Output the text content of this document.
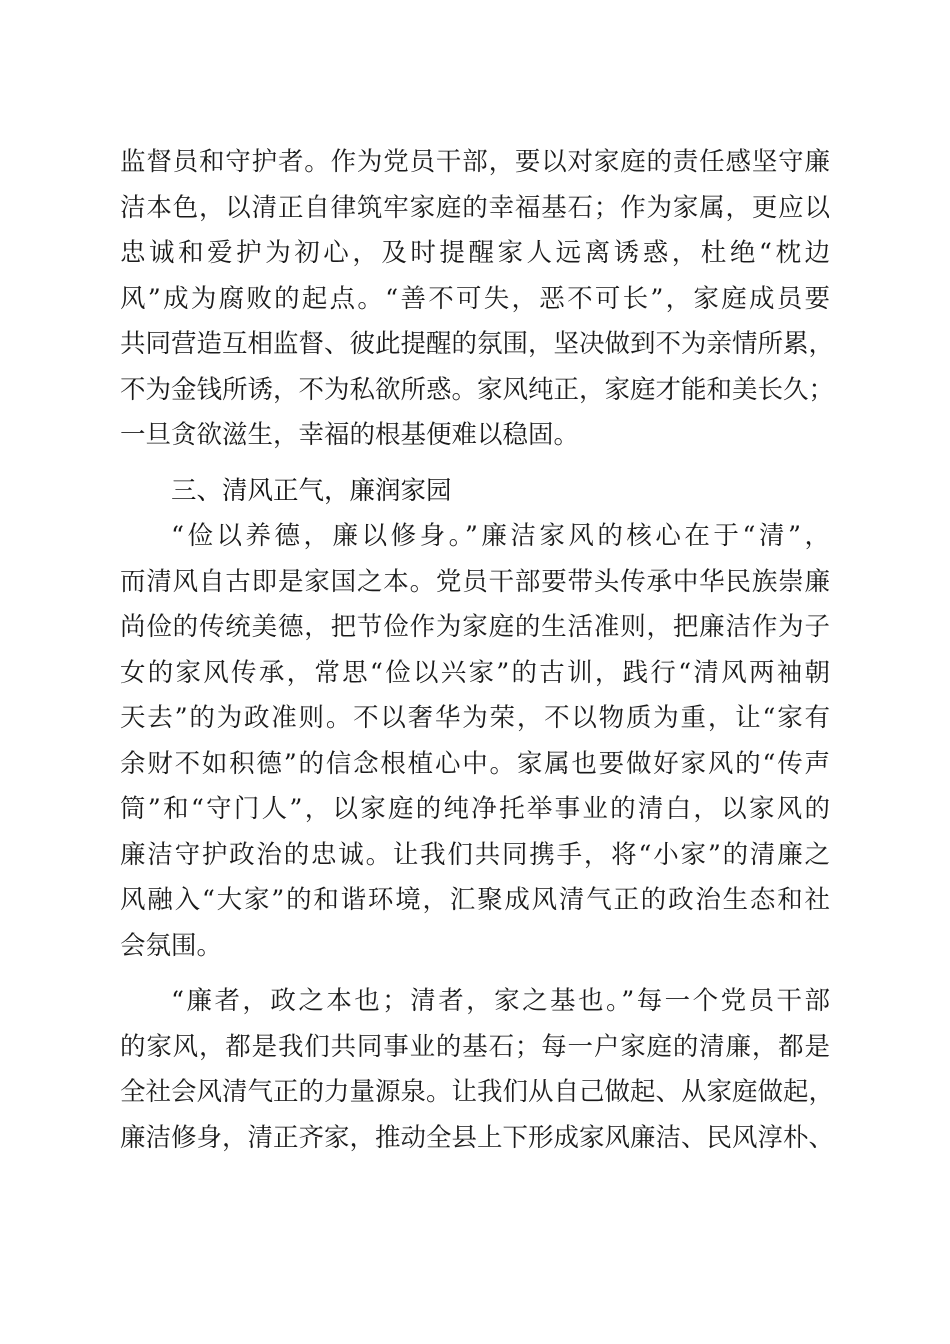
监督员和守护者。作为党员干部，要以对家庭的责任感坚守廉
洁本色，以清正自律筑牢家庭的幸福基石；作为家属，更应以
忠诚和爱护为初心，及时提醒家人远离诱惑，杜绝“枕边
风”成为腐败的起点。“善不可失，恶不可长”，家庭成员要
共同营造互相监督、彼此提醒的氛围，坚决做到不为亲情所累，
不为金钱所诱，不为私欲所惑。家风纯正，家庭才能和美长久；
一旦贪欲滋生，幸福的根基便难以稳固。
三、清风正气，廉润家园
“俭以养德，廉以修身。”廉洁家风的核心在于“清”，
而清风自古即是家国之本。党员干部要带头传承中华民族崇廉
尚俭的传统美德，把节俭作为家庭的生活准则，把廉洁作为子
女的家风传承，常思“俭以兴家”的古训，践行“清风两袖朝
天去”的为政准则。不以奢华为荣，不以物质为重，让“家有
余财不如积德”的信念根植心中。家属也要做好家风的“传声
筒”和“守门人”，以家庭的纯净托举事业的清白，以家风的
廉洁守护政治的忠诚。让我们共同携手，将“小家”的清廉之
风融入“大家”的和谐环境，汇聚成风清气正的政治生态和社
会氛围。
“廉者，政之本也；清者，家之基也。”每一个党员干部
的家风，都是我们共同事业的基石；每一户家庭的清廉，都是
全社会风清气正的力量源泉。让我们从自己做起、从家庭做起，
廉洁修身，清正齐家，推动全县上下形成家风廉洁、民风淳朴、
